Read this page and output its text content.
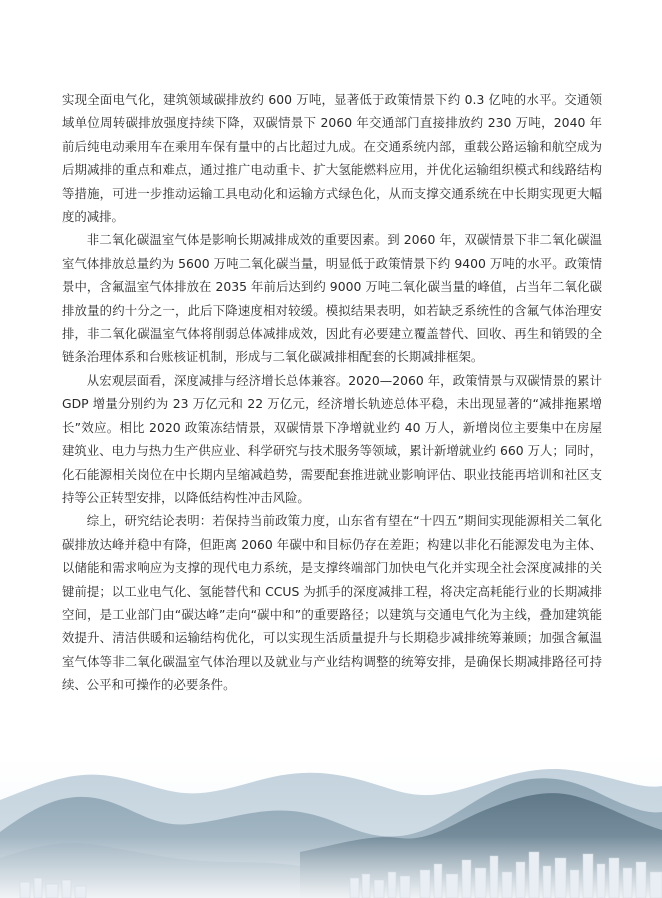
实现全面电气化，建筑领域碳排放约 600 万吨，显著低于政策情景下约 0.3 亿吨的水平。交通领域单位周转碳排放强度持续下降，双碳情景下 2060 年交通部门直接排放约 230 万吨，2040 年前后纯电动乘用车在乘用车保有量中的占比超过九成。在交通系统内部，重载公路运输和航空成为后期减排的重点和难点，通过推广电动重卡、扩大氢能燃料应用，并优化运输组织模式和线路结构等措施，可进一步推动运输工具电动化和运输方式绿色化，从而支撑交通系统在中长期实现更大幅度的减排。

非二氧化碳温室气体是影响长期减排成效的重要因素。到 2060 年，双碳情景下非二氧化碳温室气体排放总量约为 5600 万吨二氧化碳当量，明显低于政策情景下约 9400 万吨的水平。政策情景中，含氟温室气体排放在 2035 年前后达到约 9000 万吨二氧化碳当量的峰值，占当年二氧化碳排放量的约十分之一，此后下降速度相对较缓。模拟结果表明，如若缺乏系统性的含氟气体治理安排，非二氧化碳温室气体将削弱总体减排成效，因此有必要建立覆盖替代、回收、再生和销毁的全链条治理体系和台账核证机制，形成与二氧化碳减排相配套的长期减排框架。

从宏观层面看，深度减排与经济增长总体兼容。2020—2060 年，政策情景与双碳情景的累计 GDP 增量分别约为 23 万亿元和 22 万亿元，经济增长轨迹总体平稳，未出现显著的“减排拖累增长”效应。相比 2020 政策冻结情景，双碳情景下净增就业约 40 万人，新增岗位主要集中在房屋建筑业、电力与热力生产供应业、科学研究与技术服务等领域，累计新增就业约 660 万人；同时，化石能源相关岗位在中长期内呈缩减趋势，需要配套推进就业影响评估、职业技能再培训和社区支持等公正转型安排，以降低结构性冲击风险。

综上，研究结论表明：若保持当前政策力度，山东省有望在“十四五”期间实现能源相关二氧化碳排放达峰并稳中有降，但距离 2060 年碳中和目标仍存在差距；构建以非化石能源发电为主体、以储能和需求响应为支撑的现代电力系统，是支撑终端部门加快电气化并实现全社会深度减排的关键前提；以工业电气化、氢能替代和 CCUS 为抓手的深度减排工程，将决定高耗能行业的长期减排空间，是工业部门由“碳达峰”走向“碳中和”的重要路径；以建筑与交通电气化为主线，叠加建筑能效提升、清洁供暖和运输结构优化，可以实现生活质量提升与长期稳步减排统筹兼顾；加强含氟温室气体等非二氧化碳温室气体治理以及就业与产业结构调整的统筹安排，是确保长期减排路径可持续、公平和可操作的必要条件。
